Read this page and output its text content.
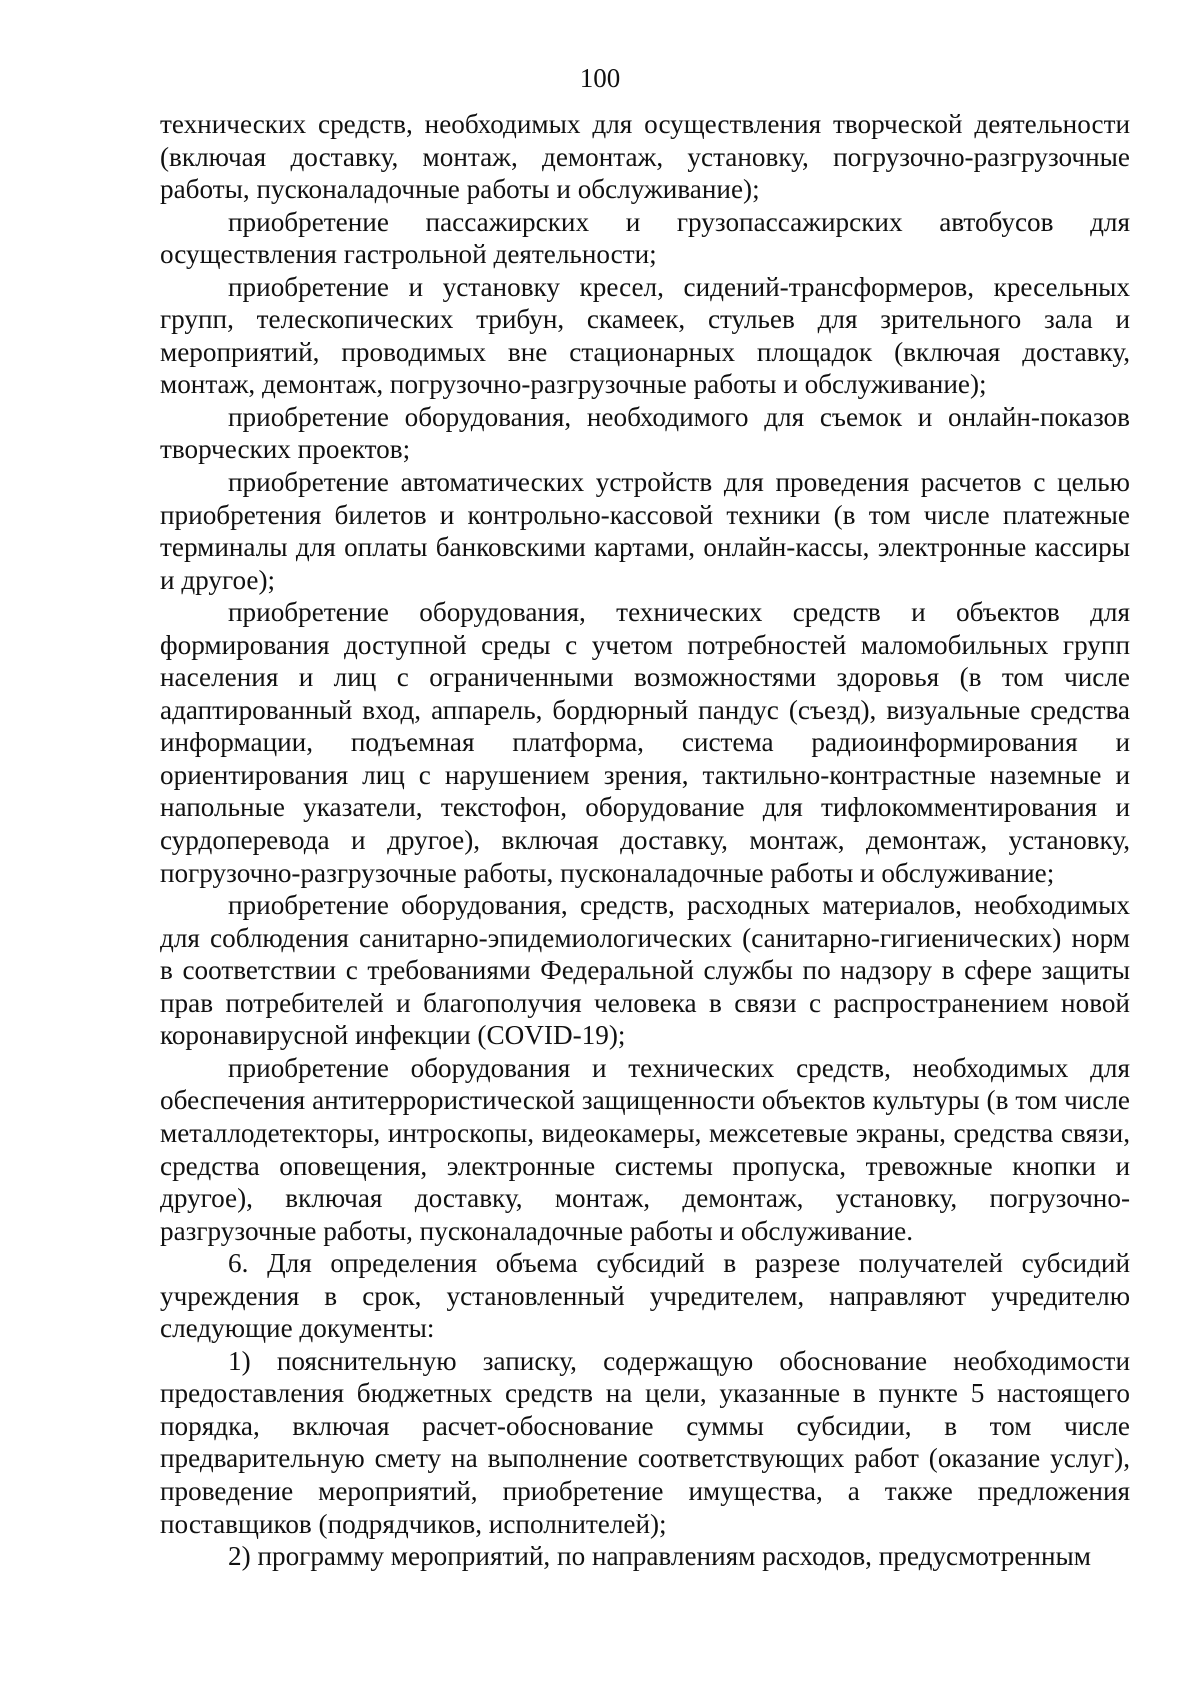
100

технических средств, необходимых для осуществления творческой деятельности (включая доставку, монтаж, демонтаж, установку, погрузочно-разгрузочные работы, пусконаладочные работы и обслуживание);

приобретение пассажирских и грузопассажирских автобусов для осуществления гастрольной деятельности;

приобретение и установку кресел, сидений-трансформеров, кресельных групп, телескопических трибун, скамеек, стульев для зрительного зала и мероприятий, проводимых вне стационарных площадок (включая доставку, монтаж, демонтаж, погрузочно-разгрузочные работы и обслуживание);

приобретение оборудования, необходимого для съемок и онлайн-показов творческих проектов;

приобретение автоматических устройств для проведения расчетов с целью приобретения билетов и контрольно-кассовой техники (в том числе платежные терминалы для оплаты банковскими картами, онлайн-кассы, электронные кассиры и другое);

приобретение оборудования, технических средств и объектов для формирования доступной среды с учетом потребностей маломобильных групп населения и лиц с ограниченными возможностями здоровья (в том числе адаптированный вход, аппарель, бордюрный пандус (съезд), визуальные средства информации, подъемная платформа, система радиоинформирования и ориентирования лиц с нарушением зрения, тактильно-контрастные наземные и напольные указатели, текстофон, оборудование для тифлокомментирования и сурдоперевода и другое), включая доставку, монтаж, демонтаж, установку, погрузочно-разгрузочные работы, пусконаладочные работы и обслуживание;

приобретение оборудования, средств, расходных материалов, необходимых для соблюдения санитарно-эпидемиологических (санитарно-гигиенических) норм в соответствии с требованиями Федеральной службы по надзору в сфере защиты прав потребителей и благополучия человека в связи с распространением новой коронавирусной инфекции (COVID-19);

приобретение оборудования и технических средств, необходимых для обеспечения антитеррористической защищенности объектов культуры (в том числе металлодетекторы, интроскопы, видеокамеры, межсетевые экраны, средства связи, средства оповещения, электронные системы пропуска, тревожные кнопки и другое), включая доставку, монтаж, демонтаж, установку, погрузочно-разгрузочные работы, пусконаладочные работы и обслуживание.

6. Для определения объема субсидий в разрезе получателей субсидий учреждения в срок, установленный учредителем, направляют учредителю следующие документы:

1) пояснительную записку, содержащую обоснование необходимости предоставления бюджетных средств на цели, указанные в пункте 5 настоящего порядка, включая расчет-обоснование суммы субсидии, в том числе предварительную смету на выполнение соответствующих работ (оказание услуг), проведение мероприятий, приобретение имущества, а также предложения поставщиков (подрядчиков, исполнителей);

2) программу мероприятий, по направлениям расходов, предусмотренным
